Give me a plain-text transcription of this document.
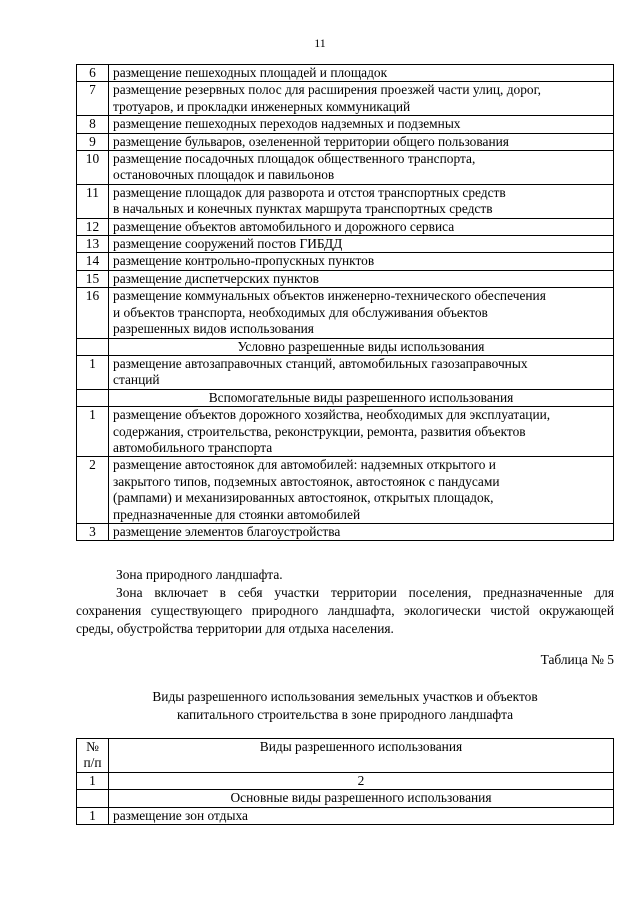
11
6	размещение пешеходных площадей и площадок

7	размещение резервных полос для расширения проезжей части улиц, дорог,
тротуаров, и прокладки инженерных коммуникаций

8	размещение пешеходных переходов надземных и подземных

9	размещение бульваров, озелененной территории общего пользования

10	размещение посадочных площадок общественного транспорта,
остановочных площадок и павильонов

11	размещение площадок для разворота и отстоя транспортных средств
в начальных и конечных пунктах маршрута транспортных средств

12	размещение объектов автомобильного и дорожного сервиса

13	размещение сооружений постов ГИБДД

14	размещение контрольно-пропускных пунктов

15	размещение диспетчерских пунктов

16	размещение коммунальных объектов инженерно-технического обеспечения
и объектов транспорта, необходимых для обслуживания объектов
разрешенных видов использования

	Условно разрешенные виды использования

1	размещение автозаправочных станций, автомобильных газозаправочных
станций

	Вспомогательные виды разрешенного использования

1	размещение объектов дорожного хозяйства, необходимых для эксплуатации,
содержания, строительства, реконструкции, ремонта, развития объектов
автомобильного транспорта

2	размещение автостоянок для автомобилей: надземных открытого и
закрытого типов, подземных автостоянок, автостоянок с пандусами
(рампами) и механизированных автостоянок, открытых площадок,
предназначенные для стоянки автомобилей

3	размещение элементов благоустройства

Зона природного ландшафта.

Зона включает в себя участки территории поселения, предназначенные для сохранения существующего природного ландшафта, экологически чистой окружающей среды, обустройства территории для отдыха населения.

Таблица № 5

Виды разрешенного использования земельных участков и объектов
капитального строительства в зоне природного ландшафта

№
п/п	Виды разрешенного использования
1	2
	Основные виды разрешенного использования
1	размещение зон отдыха
